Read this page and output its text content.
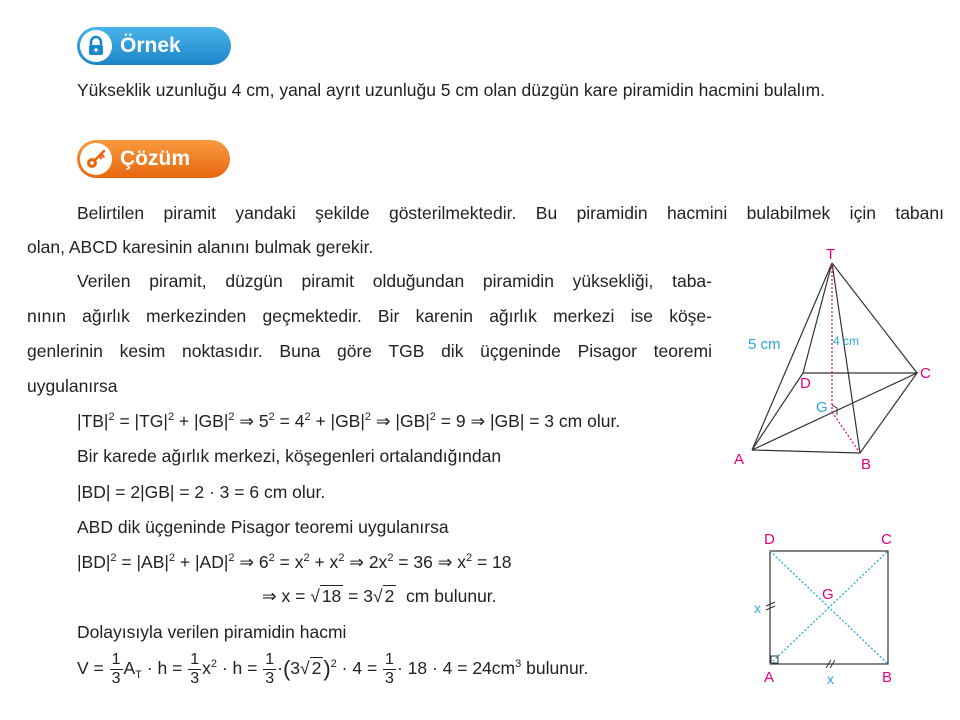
Örnek
Yükseklik uzunluğu 4 cm, yanal ayrıt uzunluğu 5 cm olan düzgün kare piramidin hacmini bulalım.
Çözüm
Belirtilen piramit yandaki şekilde gösterilmektedir. Bu piramidin hacmini bulabilmek için tabanı
olan, ABCD karesinin alanını bulmak gerekir.
Verilen piramit, düzgün piramit olduğundan piramidin yüksekliği, taba-
nının ağırlık merkezinden geçmektedir. Bir karenin ağırlık merkezi ise köşe-
genlerinin kesim noktasıdır. Buna göre TGB dik üçgeninde Pisagor teoremi
uygulanırsa
$|TB|^2 = |TG|^2 + |GB|^2$ ⇒ $5^2 = 4^2 + |GB|^2$ ⇒ $|GB|^2 = 9$ ⇒ |GB| = 3 cm olur.
Bir karede ağırlık merkezi, köşegenleri ortalandığından
|BD| = 2|GB| = 2 · 3 = 6 cm olur.
ABD dik üçgeninde Pisagor teoremi uygulanırsa
$|BD|^2 = |AB|^2 + |AD|^2$ ⇒ $6^2 = x^2 + x^2$ ⇒ $2x^2 = 36$ ⇒ $x^2 = 18$
⇒ x = √ 18 = 3√ 2 cm bulunur.
Dolayısıyla verilen piramidin hacmi
$V = \frac{1}{3} A_T \cdot h = \frac{1}{3} x^2 \cdot h = \frac{1}{3} \cdot(3√$ $2)^2 \cdot 4 = \frac{1}{3} \cdot 18 \cdot 4 = 24cm^3$ bulunur.
T
A	B
C
D
G
5 cm	4 cm
D	C
A	B
G
x
x
